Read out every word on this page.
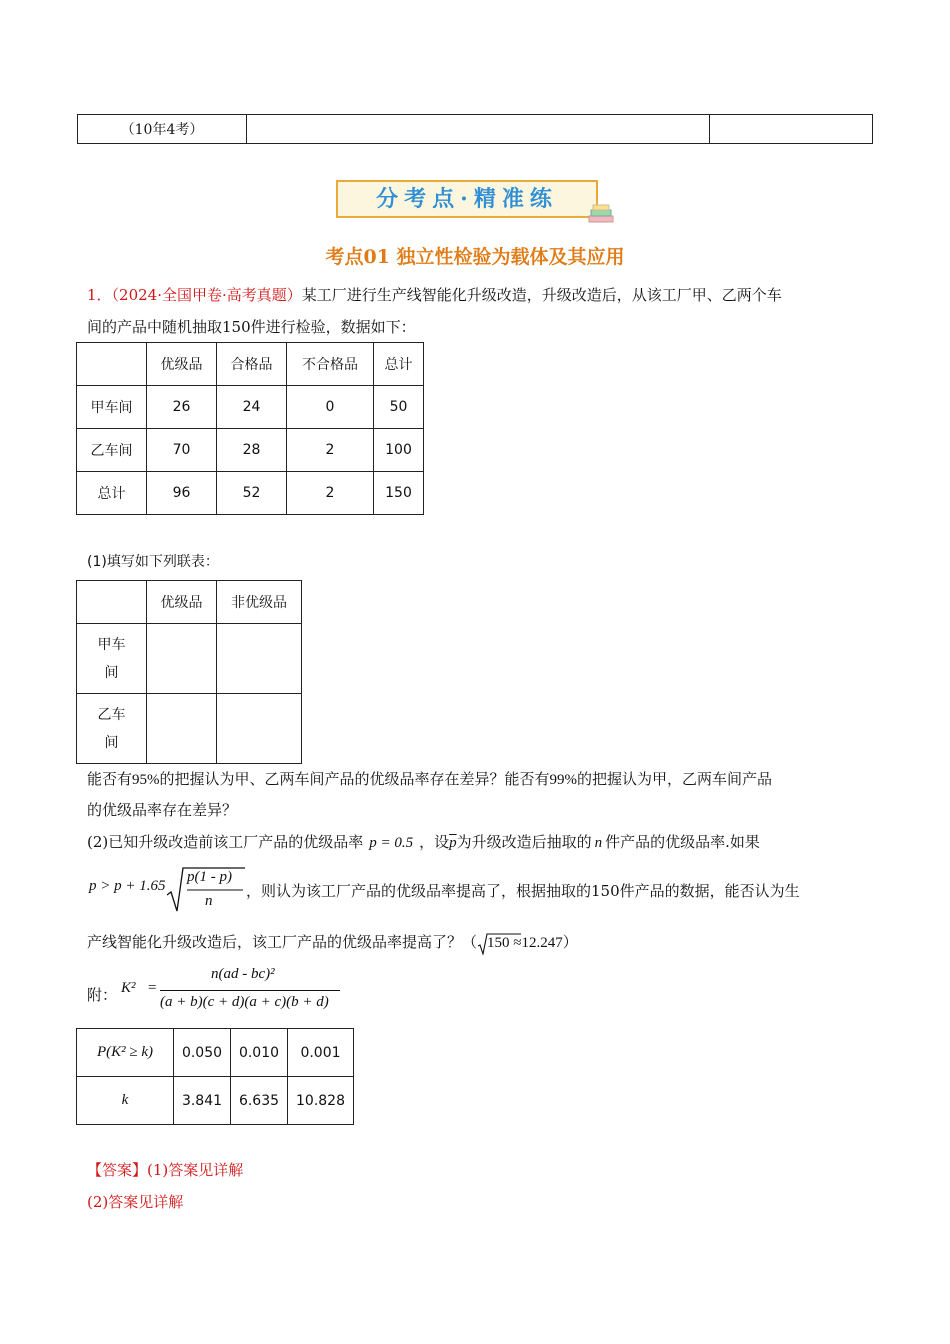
（10年4考）		
分考点·精准练
考点01 独立性检验为载体及其应用
1．（2024·全国甲卷·高考真题）某工厂进行生产线智能化升级改造，升级改造后，从该工厂甲、乙两个车
间的产品中随机抽取150件进行检验，数据如下：
	优级品	合格品	不合格品	总计
甲车间	26	24	0	50
乙车间	70	28	2	100
总计	96	52	2	150
(1)填写如下列联表：
	优级品	非优级品
甲车
间		
乙车
间		
能否有95%的把握认为甲、乙两车间产品的优级品率存在差异？能否有99%的把握认为甲，乙两车间产品
的优级品率存在差异？
(2)已知升级改造前该工厂产品的优级品率 p = 0.5 ，设$\overline{p}$为升级改造后抽取的 n 件产品的优级品率.如果
p > p + 1.65
p(1 - p)
n
，则认为该工厂产品的优级品率提高了，根据抽取的150件产品的数据，能否认为生
产线智能化升级改造后，该工厂产品的优级品率提高了？（ 150 ≈12.247）
附： K² =
n(ad - bc)²
(a + b)(c + d)(a + c)(b + d)
P(K² ≥ k)	0.050	0.010	0.001
k	3.841	6.635	10.828
【答案】(1)答案见详解
(2)答案见详解
